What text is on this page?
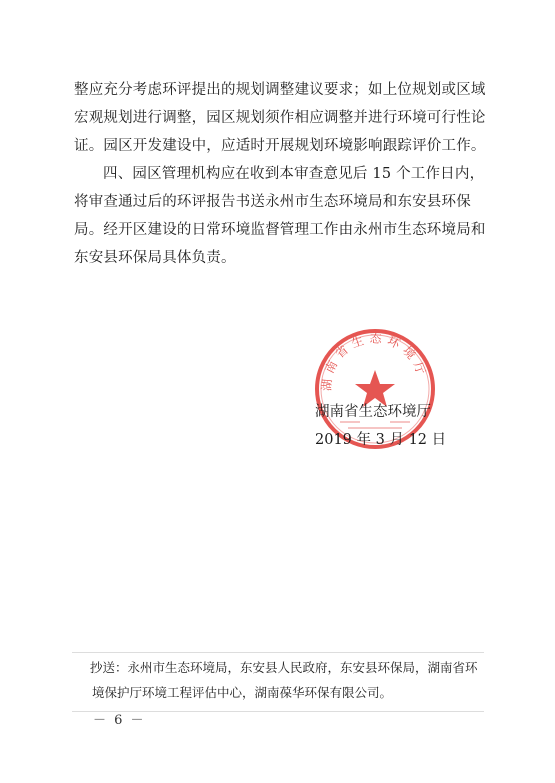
整应充分考虑环评提出的规划调整建议要求；如上位规划或区域
宏观规划进行调整，园区规划须作相应调整并进行环境可行性论
证。园区开发建设中，应适时开展规划环境影响跟踪评价工作。
四、园区管理机构应在收到本审查意见后 15 个工作日内，
将审查通过后的环评报告书送永州市生态环境局和东安县环保
局。经开区建设的日常环境监督管理工作由永州市生态环境局和
东安县环保局具体负责。
湖南省生态环境厅
湖南省生态环境厅
2019 年 3 月 12 日
抄送：永州市生态环境局，东安县人民政府，东安县环保局，湖南省环
境保护厅环境工程评估中心，湖南葆华环保有限公司。
－ 6 －
